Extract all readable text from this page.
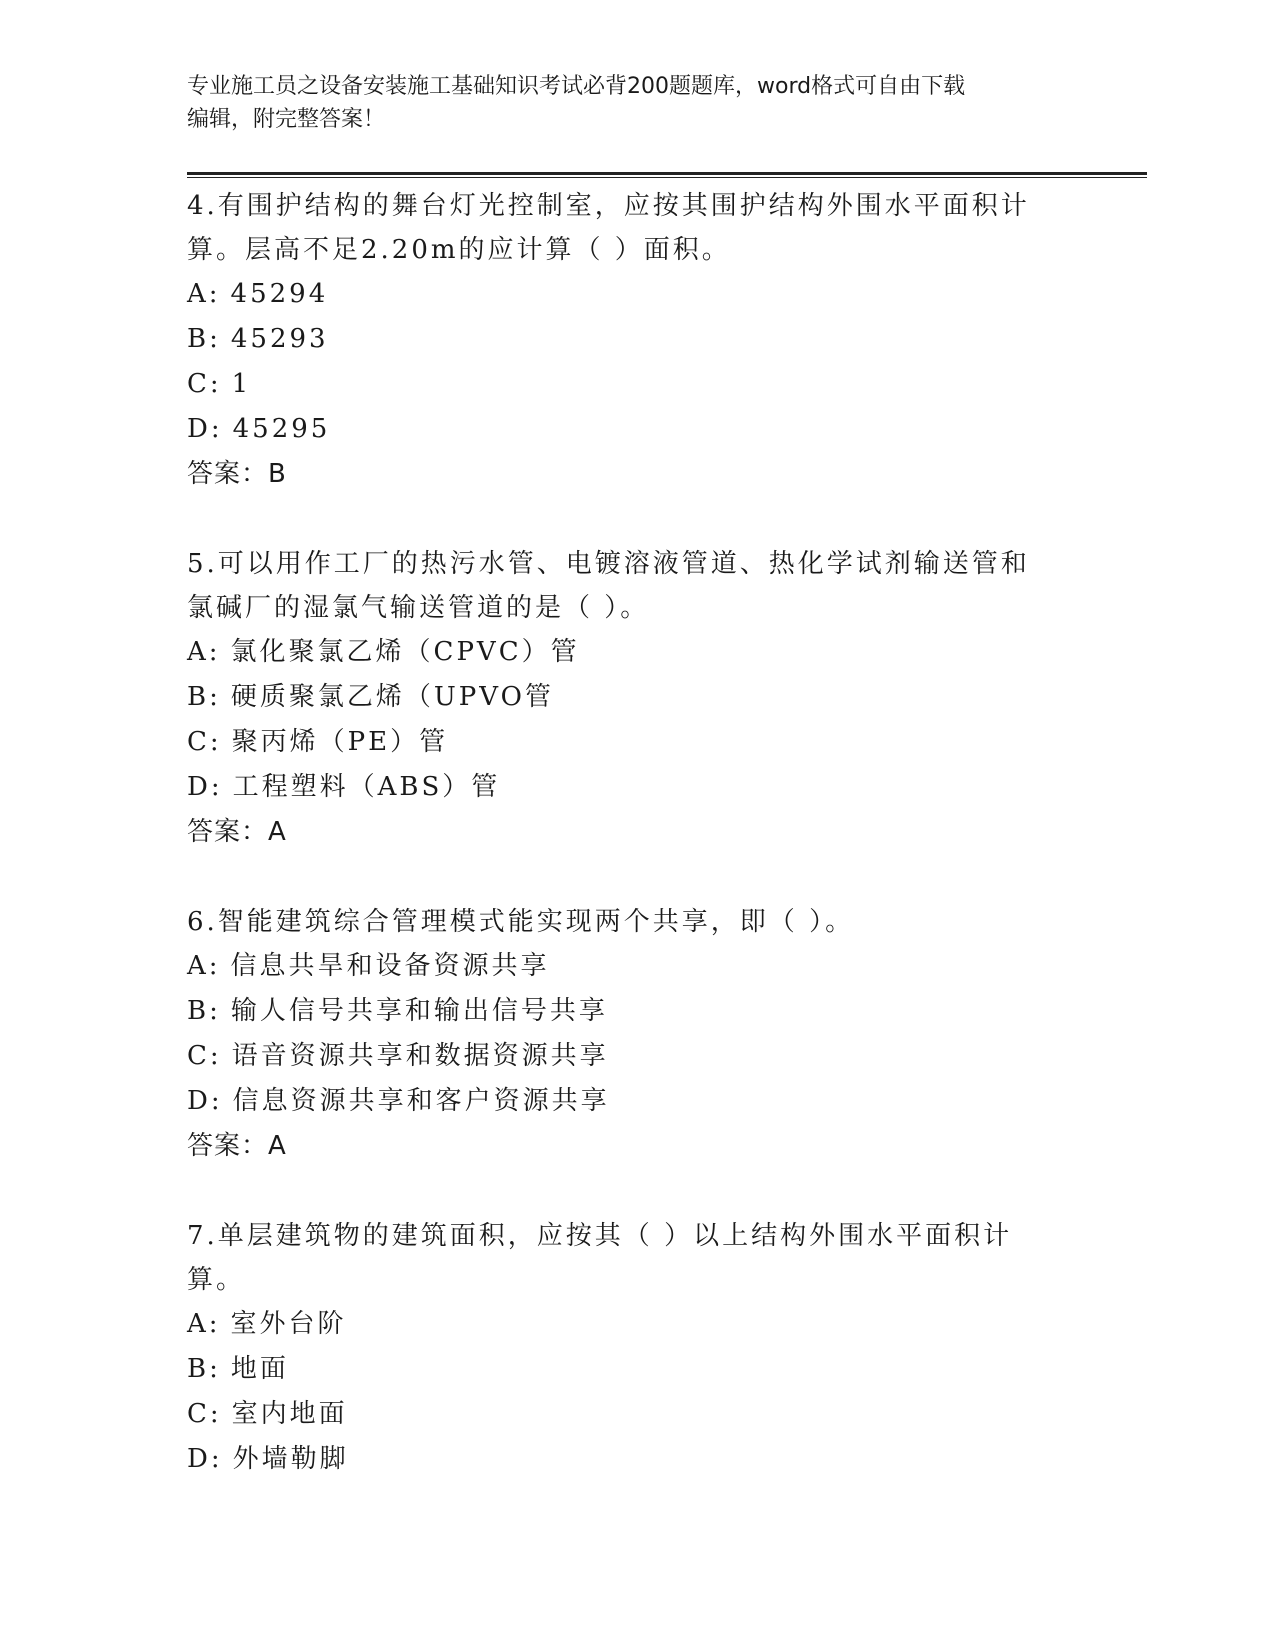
专业施工员之设备安装施工基础知识考试必背200题题库，word格式可自由下载
编辑，附完整答案！
4.有围护结构的舞台灯光控制室，应按其围护结构外围水平面积计算。层高不足2.20m的应计算（ ）面积。
A: 45294
B: 45293
C: 1
D: 45295
答案：B
5.可以用作工厂的热污水管、电镀溶液管道、热化学试剂输送管和氯碱厂的湿氯气输送管道的是（ ）。
A: 氯化聚氯乙烯（CPVC）管
B: 硬质聚氯乙烯（UPVO管
C: 聚丙烯（PE）管
D: 工程塑料（ABS）管
答案：A
6.智能建筑综合管理模式能实现两个共享，即（ ）。
A: 信息共旱和设备资源共享
B: 输人信号共享和输出信号共享
C: 语音资源共享和数据资源共享
D: 信息资源共享和客户资源共享
答案：A
7.单层建筑物的建筑面积，应按其（ ）以上结构外围水平面积计算。
A: 室外台阶
B: 地面
C: 室内地面
D: 外墙勒脚
